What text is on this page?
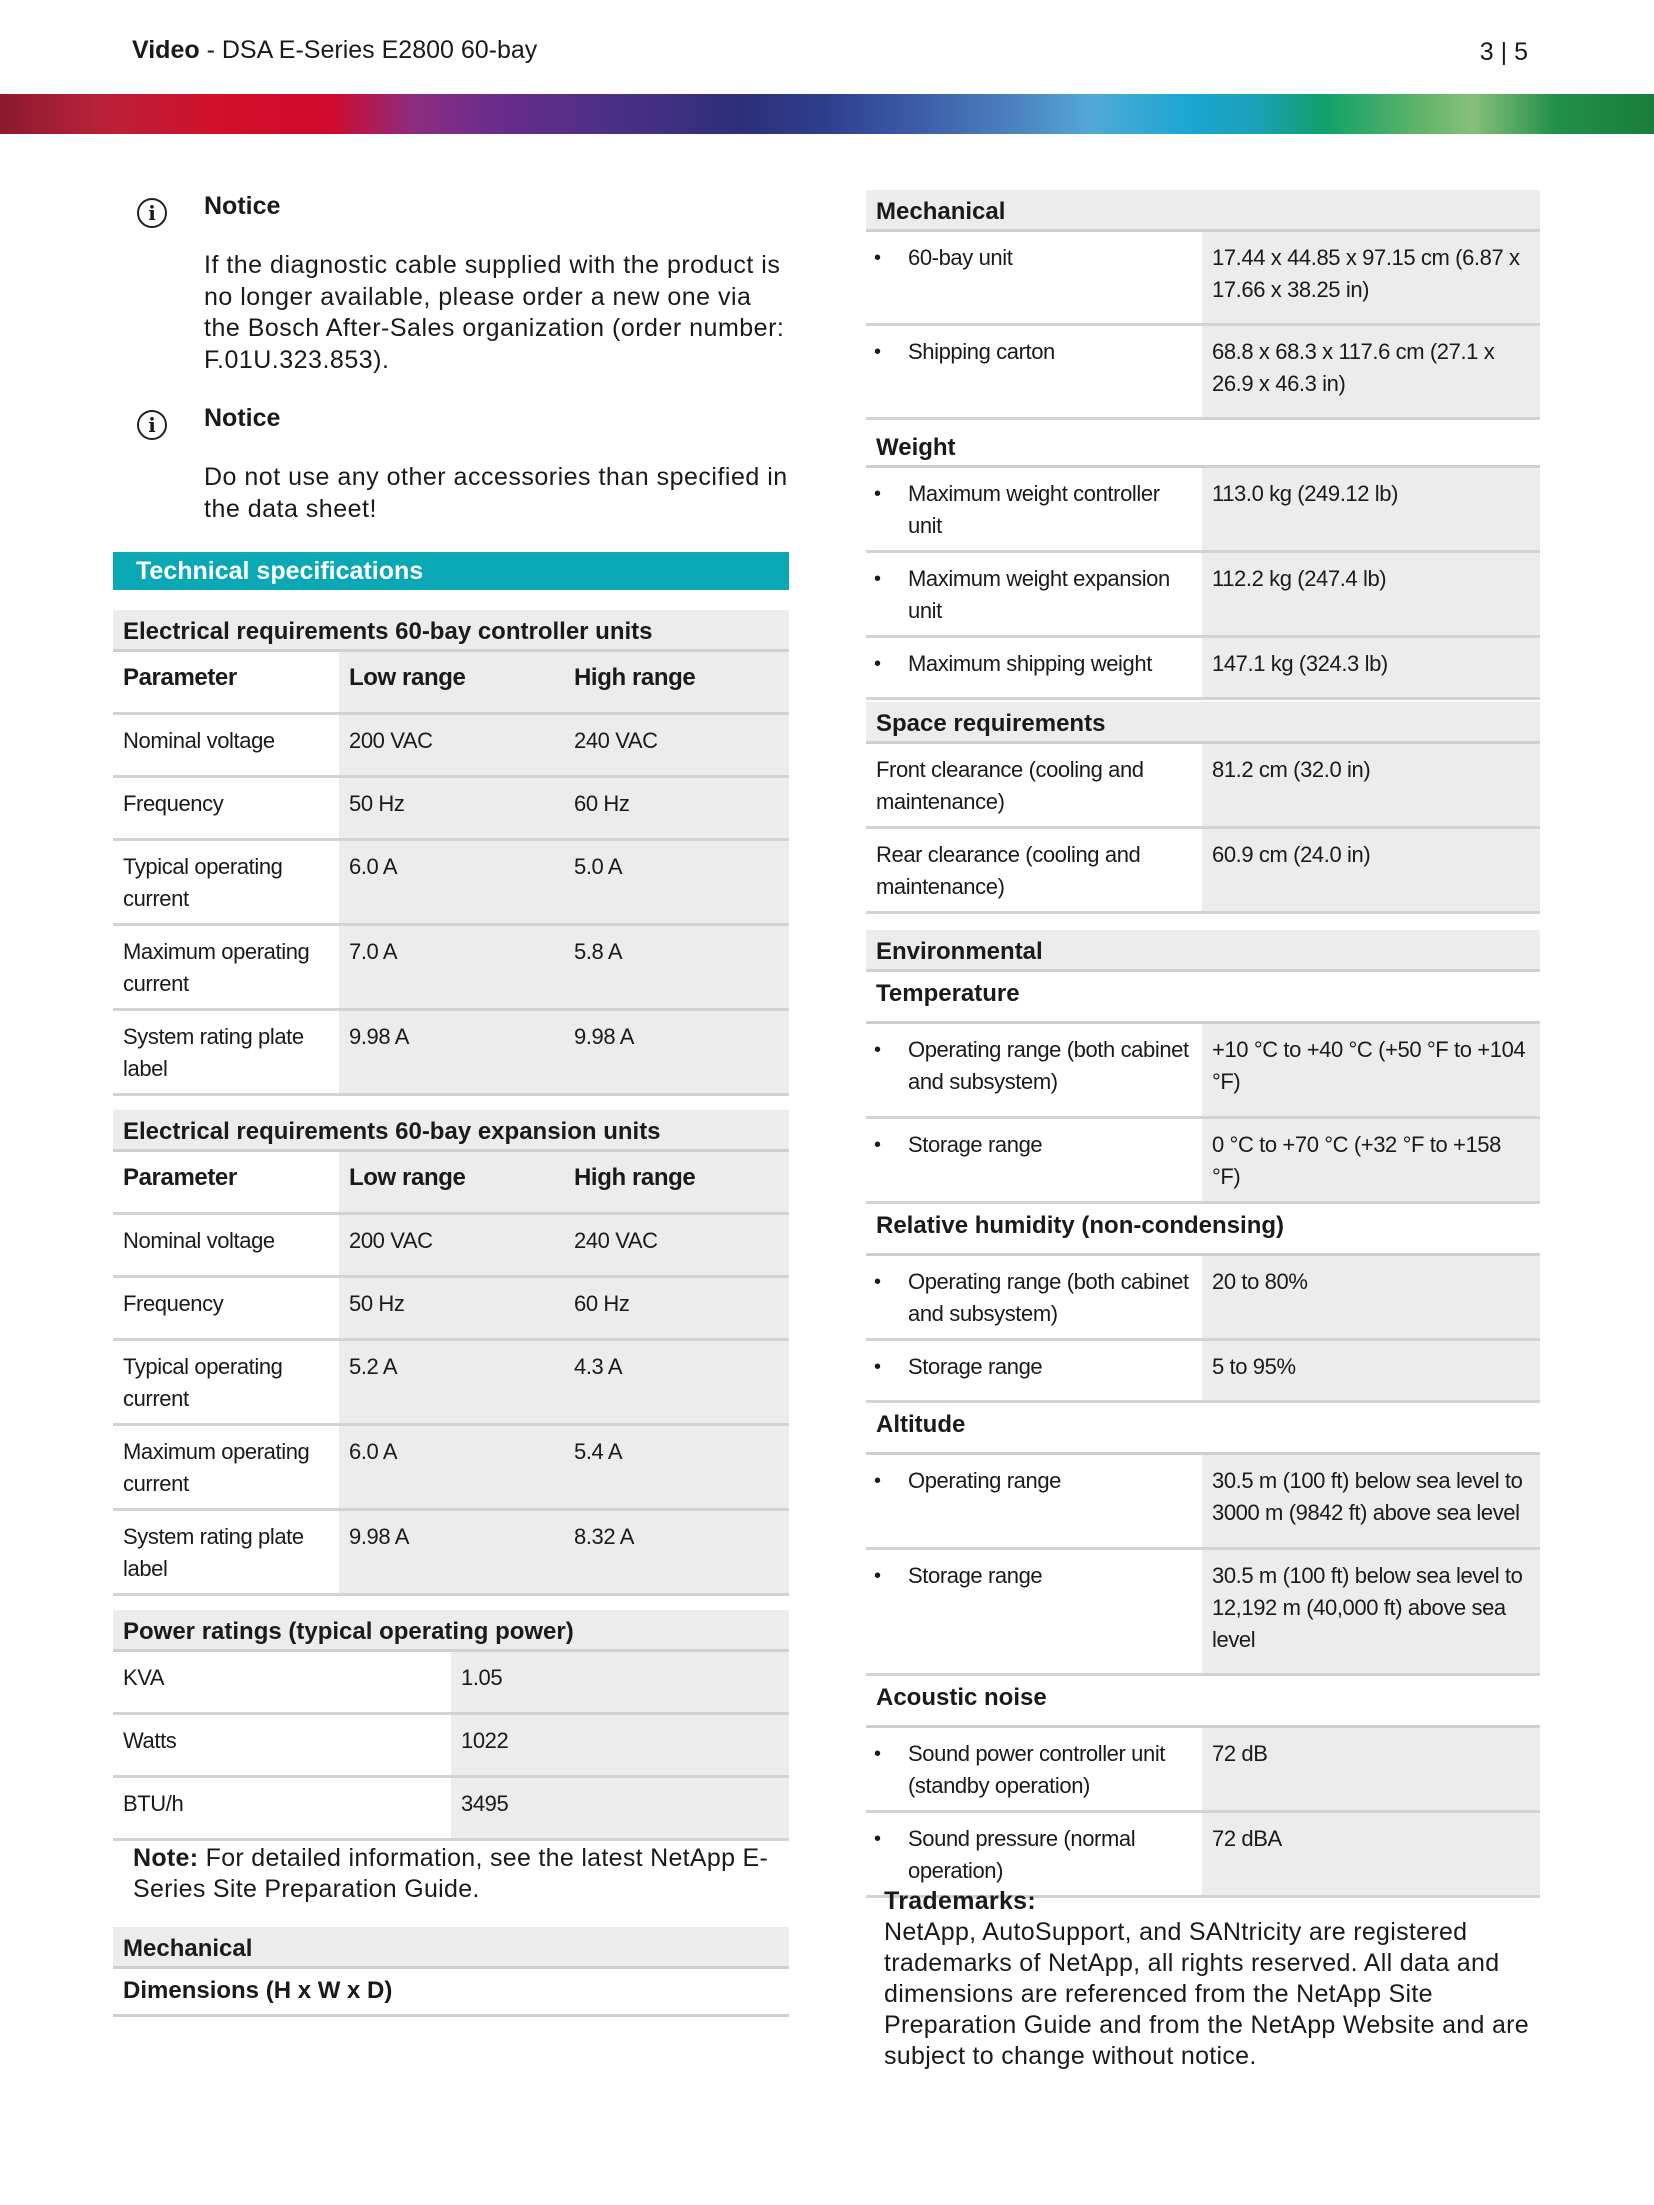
Video - DSA E-Series E2800 60-bay	3 | 5
i	Notice
If the diagnostic cable supplied with the product is no longer available, please order a new one via the Bosch After-Sales organization (order number: F.01U.323.853).
i	Notice
Do not use any other accessories than specified in the data sheet!
Technical specifications
Electrical requirements 60-bay controller units		
Parameter	Low range	High range
Nominal voltage	200 VAC	240 VAC
Frequency	50 Hz	60 Hz
Typical operating current	6.0 A	5.0 A
Maximum operating current	7.0 A	5.8 A
System rating plate label	9.98 A	9.98 A
Electrical requirements 60-bay expansion units		
Parameter	Low range	High range
Nominal voltage	200 VAC	240 VAC
Frequency	50 Hz	60 Hz
Typical operating current	5.2 A	4.3 A
Maximum operating current	6.0 A	5.4 A
System rating plate label	9.98 A	8.32 A
Power ratings (typical operating power)	
KVA	1.05
Watts	1022
BTU/h	3495
Note: For detailed information, see the latest NetApp E-Series Site Preparation Guide.
Mechanical
Dimensions (H x W x D)
Mechanical		
•	60-bay unit	17.44 x 44.85 x 97.15 cm (6.87 x 17.66 x 38.25 in)
•	Shipping carton	68.8 x 68.3 x 117.6 cm (27.1 x 26.9 x 46.3 in)
Weight		
•	Maximum weight controller unit	113.0 kg (249.12 lb)
•	Maximum weight expansion unit	112.2 kg (247.4 lb)
•	Maximum shipping weight	147.1 kg (324.3 lb)
Space requirements	
Front clearance (cooling and maintenance)	81.2 cm (32.0 in)
Rear clearance (cooling and maintenance)	60.9 cm (24.0 in)
Environmental		
Temperature		
•	Operating range (both cabinet and subsystem)	+10 °C to +40 °C (+50 °F to +104 °F)
•	Storage range	0 °C to +70 °C (+32 °F to +158 °F)
Relative humidity (non-condensing)		
•	Operating range (both cabinet and subsystem)	20 to 80%
•	Storage range	5 to 95%
Altitude		
•	Operating range	30.5 m (100 ft) below sea level to 3000 m (9842 ft) above sea level
•	Storage range	30.5 m (100 ft) below sea level to 12,192 m (40,000 ft) above sea level
Acoustic noise		
•	Sound power controller unit (standby operation)	72 dB
•	Sound pressure (normal operation)	72 dBA
Trademarks:
NetApp, AutoSupport, and SANtricity are registered trademarks of NetApp, all rights reserved. All data and dimensions are referenced from the NetApp Site Preparation Guide and from the NetApp Website and are subject to change without notice.
